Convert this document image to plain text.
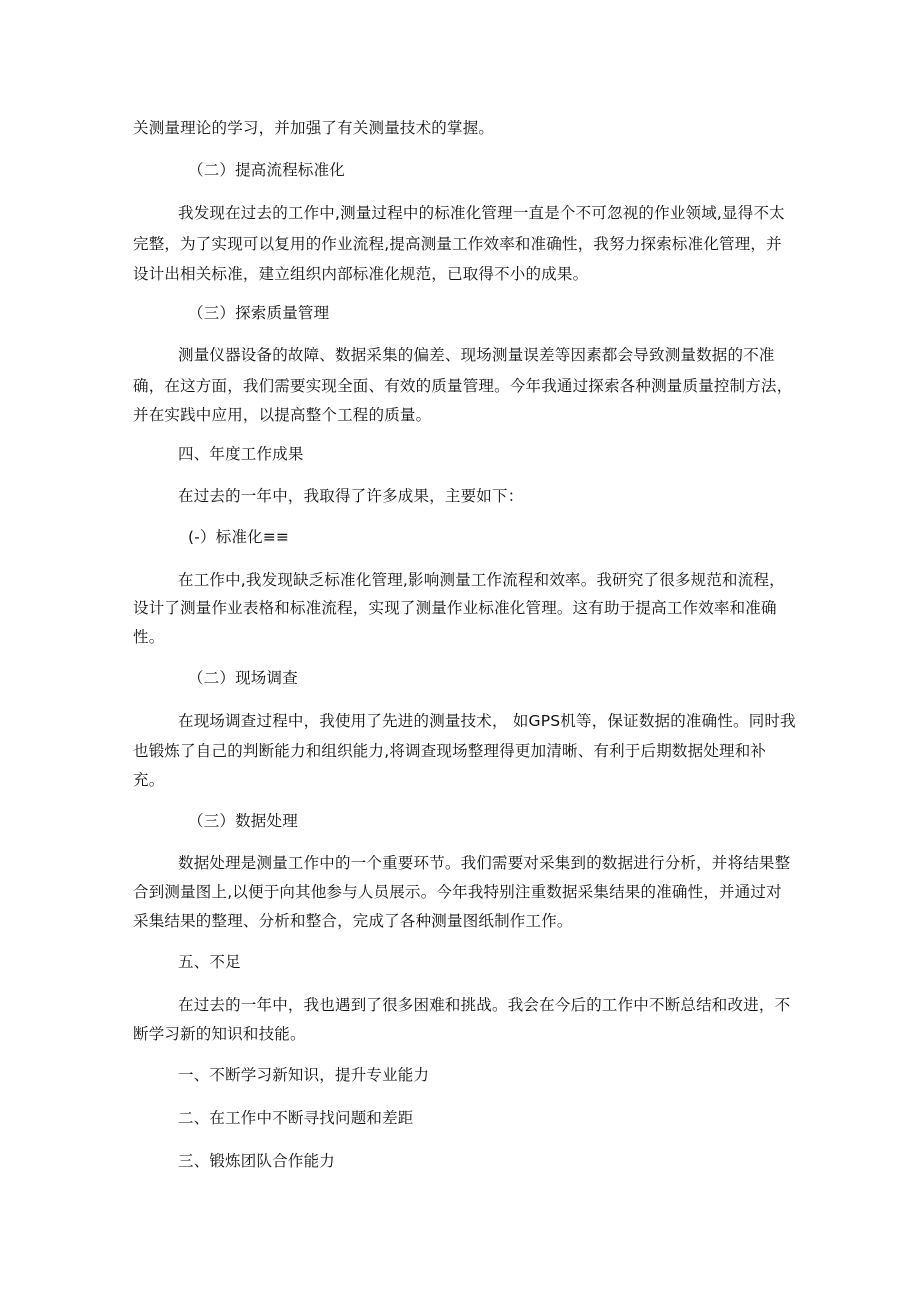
关测量理论的学习，并加强了有关测量技术的掌握。
（二）提高流程标准化
我发现在过去的工作中,测量过程中的标准化管理一直是个不可忽视的作业领域,显得不太
完整，为了实现可以复用的作业流程,提高测量工作效率和准确性，我努力探索标准化管理，并
设计出相关标准，建立组织内部标准化规范，已取得不小的成果。
（三）探索质量管理
测量仪器设备的故障、数据采集的偏差、现场测量误差等因素都会导致测量数据的不准
确，在这方面，我们需要实现全面、有效的质量管理。今年我通过探索各种测量质量控制方法，
并在实践中应用，以提高整个工程的质量。
四、年度工作成果
在过去的一年中，我取得了许多成果，主要如下：
(-）标准化≡≡
在工作中,我发现缺乏标准化管理,影响测量工作流程和效率。我研究了很多规范和流程，
设计了测量作业表格和标准流程，实现了测量作业标准化管理。这有助于提高工作效率和准确
性。
（二）现场调查
在现场调查过程中，我使用了先进的测量技术， 如GPS机等，保证数据的准确性。同时我
也锻炼了自己的判断能力和组织能力,将调查现场整理得更加清晰、有利于后期数据处理和补
充。
（三）数据处理
数据处理是测量工作中的一个重要环节。我们需要对采集到的数据进行分析，并将结果整
合到测量图上,以便于向其他参与人员展示。今年我特别注重数据采集结果的准确性，并通过对
采集结果的整理、分析和整合，完成了各种测量图纸制作工作。
五、不足
在过去的一年中，我也遇到了很多困难和挑战。我会在今后的工作中不断总结和改进，不
断学习新的知识和技能。
一、不断学习新知识，提升专业能力
二、在工作中不断寻找问题和差距
三、锻炼团队合作能力
